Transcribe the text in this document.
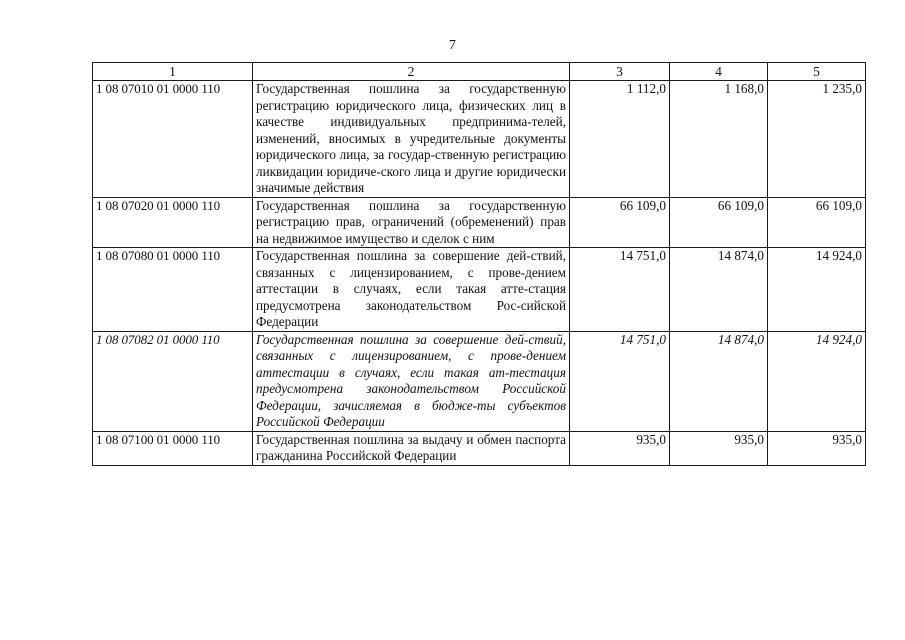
7
1	2	3	4	5
1 08 07010 01 0000 110	Государственная пошлина за государственную регистрацию юридического лица, физических лиц в качестве индивидуальных предпринима-телей, изменений, вносимых в учредительные документы юридического лица, за государ-ственную регистрацию ликвидации юридиче-ского лица и другие юридически значимые действия	1 112,0	1 168,0	1 235,0
1 08 07020 01 0000 110	Государственная пошлина за государственную регистрацию прав, ограничений (обременений) прав на недвижимое имущество и сделок с ним	66 109,0	66 109,0	66 109,0
1 08 07080 01 0000 110	Государственная пошлина за совершение дей-ствий, связанных с лицензированием, с прове-дением аттестации в случаях, если такая атте-стация предусмотрена законодательством Рос-сийской Федерации	14 751,0	14 874,0	14 924,0
1 08 07082 01 0000 110	Государственная пошлина за совершение дей-ствий, связанных с лицензированием, с прове-дением аттестации в случаях, если такая ат-тестация предусмотрена законодательством Российской Федерации, зачисляемая в бюдже-ты субъектов Российской Федерации	14 751,0	14 874,0	14 924,0
1 08 07100 01 0000 110	Государственная пошлина за выдачу и обмен паспорта гражданина Российской Федерации	935,0	935,0	935,0
